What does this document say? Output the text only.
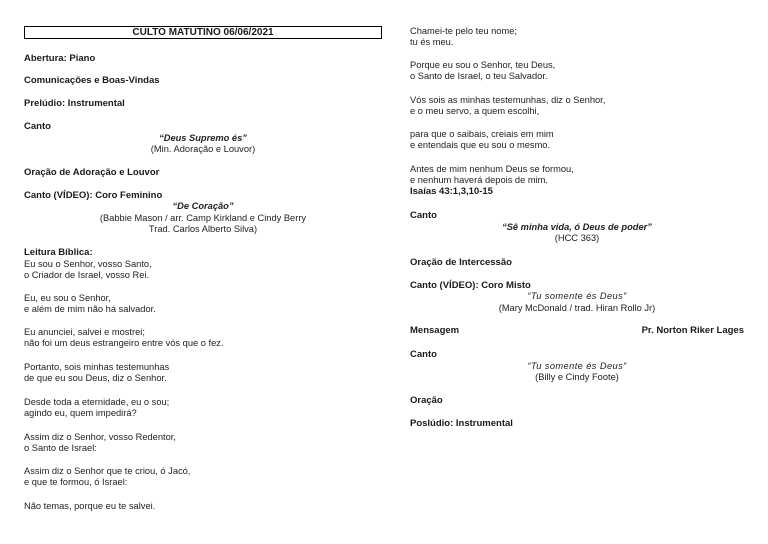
CULTO MATUTINO 06/06/2021
Abertura: Piano
Comunicações e Boas-Vindas
Prelúdio: Instrumental
Canto
“Deus Supremo és”
(Min. Adoração e Louvor)
Oração de Adoração e Louvor
Canto (VÍDEO): Coro Feminino
“De Coração”
(Babbie Mason / arr. Camp Kirkland e Cindy Berry
Trad. Carlos Alberto Silva)
Leitura Bíblica:
Eu sou o Senhor, vosso Santo,
o Criador de Israel, vosso Rei.
Eu, eu sou o Senhor,
e além de mim não há salvador.
Eu anunciei, salvei e mostrei;
não foi um deus estrangeiro entre vós que o fez.
Portanto, sois minhas testemunhas
de que eu sou Deus, diz o Senhor.
Desde toda a eternidade, eu o sou;
agindo eu, quem impedirá?
Assim diz o Senhor, vosso Redentor,
o Santo de Israel:
Assim diz o Senhor que te criou, ó Jacó,
e que te formou, ó Israel:
Não temas, porque eu te salvei.
Chamei-te pelo teu nome;
tu és meu.
Porque eu sou o Senhor, teu Deus,
o Santo de Israel, o teu Salvador.
Vós sois as minhas testemunhas, diz o Senhor,
e o meu servo, a quem escolhi,
para que o saibais, creiais em mim
e entendais que eu sou o mesmo.
Antes de mim nenhum Deus se formou,
e nenhum haverá depois de mim.
Isaías 43:1,3,10-15
Canto
“Sê minha vida, ó Deus de poder”
(HCC 363)
Oração de Intercessão
Canto (VÍDEO): Coro Misto
“Tu somente és Deus”
(Mary McDonald / trad. Hiran Rollo Jr)
Mensagem	Pr. Norton Riker Lages
Canto
“Tu somente és Deus”
(Billy e Cindy Foote)
Oração
Poslúdio: Instrumental
